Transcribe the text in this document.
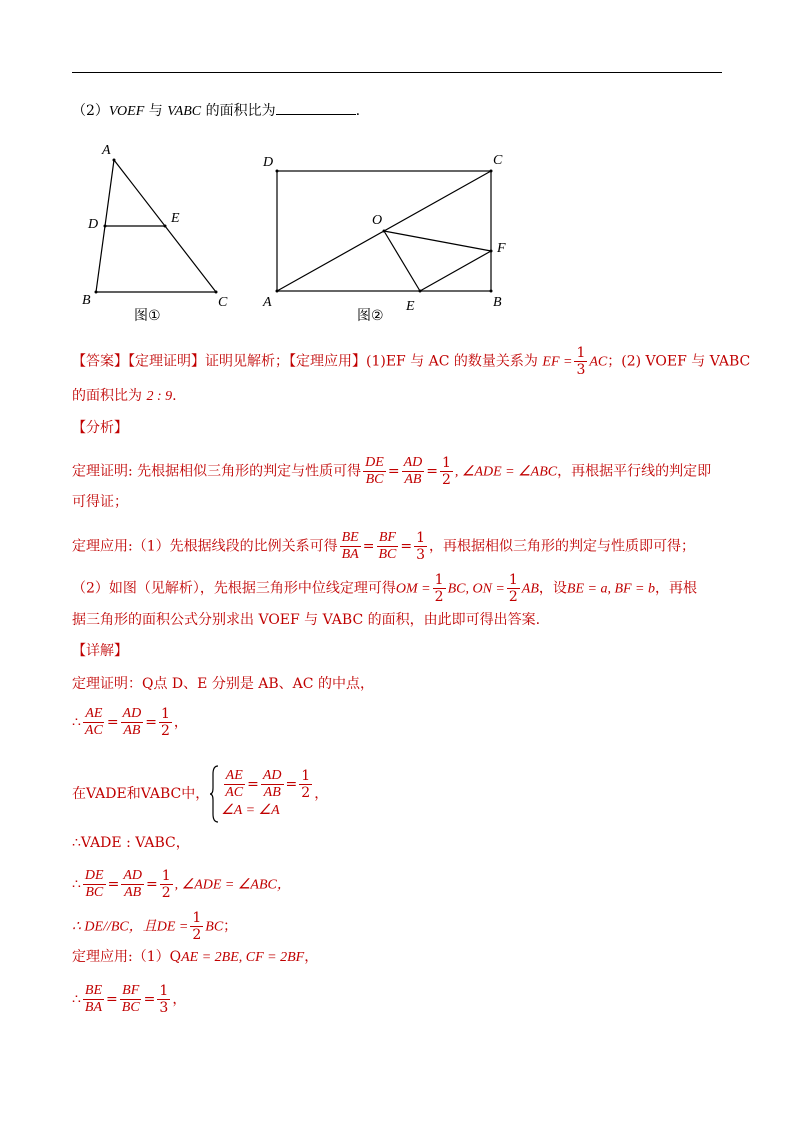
（2）VOEF 与 VABC 的面积比为	.
A
B	C
D	E
图①
A	B
C
D
E
F
O
图②
【答案】【定理证明】证明见解析；【定理应用】(1)EF 与 AC 的数量关系为 EF = $\frac{1}{3}$ AC；(2) VOEF 与 VABC
的面积比为 2 : 9.
【分析】
定理证明: 先根据相似三角形的判定与性质可得 $\frac{DE}{BC} = \frac{AD}{AB} = \frac{1}{2}$ , ∠ADE = ∠ABC，再根据平行线的判定即
可得证；
定理应用:（1）先根据线段的比例关系可得 $\frac{BE}{BA} = \frac{BF}{BC} = \frac{1}{3}$ ，再根据相似三角形的判定与性质即可得；
（2）如图（见解析），先根据三角形中位线定理可得OM = $\frac{1}{2}$ BC, ON = $\frac{1}{2}$ AB，设BE = a, BF = b，再根
据三角形的面积公式分别求出 VOEF 与 VABC 的面积，由此即可得出答案.
【详解】
定理证明：Q点 D、E 分别是 AB、AC 的中点，
∴ $\frac{AE}{AC} = \frac{AD}{AB} = \frac{1}{2}$ ，
在VADE和VABC中， $\frac{AE}{AC} = \frac{AD}{AB} = \frac{1}{2}$
∠A = ∠A
，
∴VADE : VABC，
∴ $\frac{DE}{BC} = \frac{AD}{AB} = \frac{1}{2}$ , ∠ADE = ∠ABC，
∴ DE//BC，且DE = $\frac{1}{2}$ BC；
定理应用:（1）QAE = 2BE, CF = 2BF，
∴ $\frac{BE}{BA} = \frac{BF}{BC} = \frac{1}{3}$ ，
